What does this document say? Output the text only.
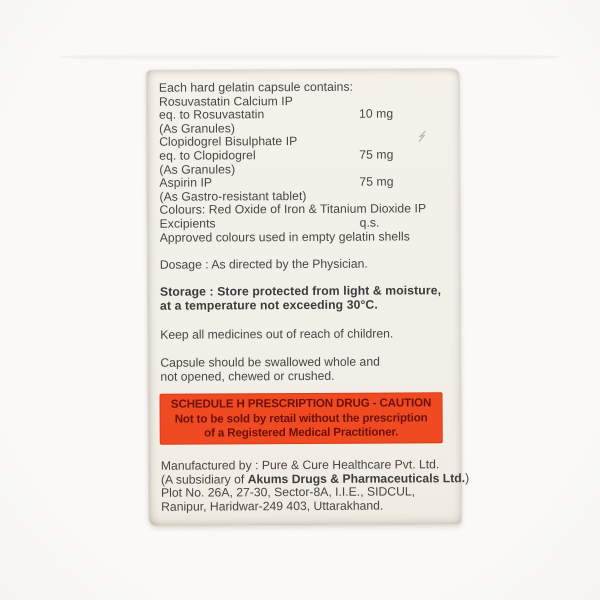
Each hard gelatin capsule contains:
Rosuvastatin Calcium IP
eq. to Rosuvastatin	10 mg
(As Granules)
Clopidogrel Bisulphate IP
eq. to Clopidogrel	75 mg
(As Granules)
Aspirin IP	75 mg
(As Gastro-resistant tablet)
Colours: Red Oxide of Iron & Titanium Dioxide IP
Excipients	q.s.
Approved colours used in empty gelatin shells
Dosage : As directed by the Physician.
Storage : Store protected from light & moisture,
at a temperature not exceeding 30°C.
Keep all medicines out of reach of children.
Capsule should be swallowed whole and
not opened, chewed or crushed.
SCHEDULE H PRESCRIPTION DRUG - CAUTION
Not to be sold by retail without the prescription
of a Registered Medical Practitioner.
Manufactured by : Pure & Cure Healthcare Pvt. Ltd.
(A subsidiary of Akums Drugs & Pharmaceuticals Ltd.)
Plot No. 26A, 27-30, Sector-8A, I.I.E., SIDCUL,
Ranipur, Haridwar-249 403, Uttarakhand.
